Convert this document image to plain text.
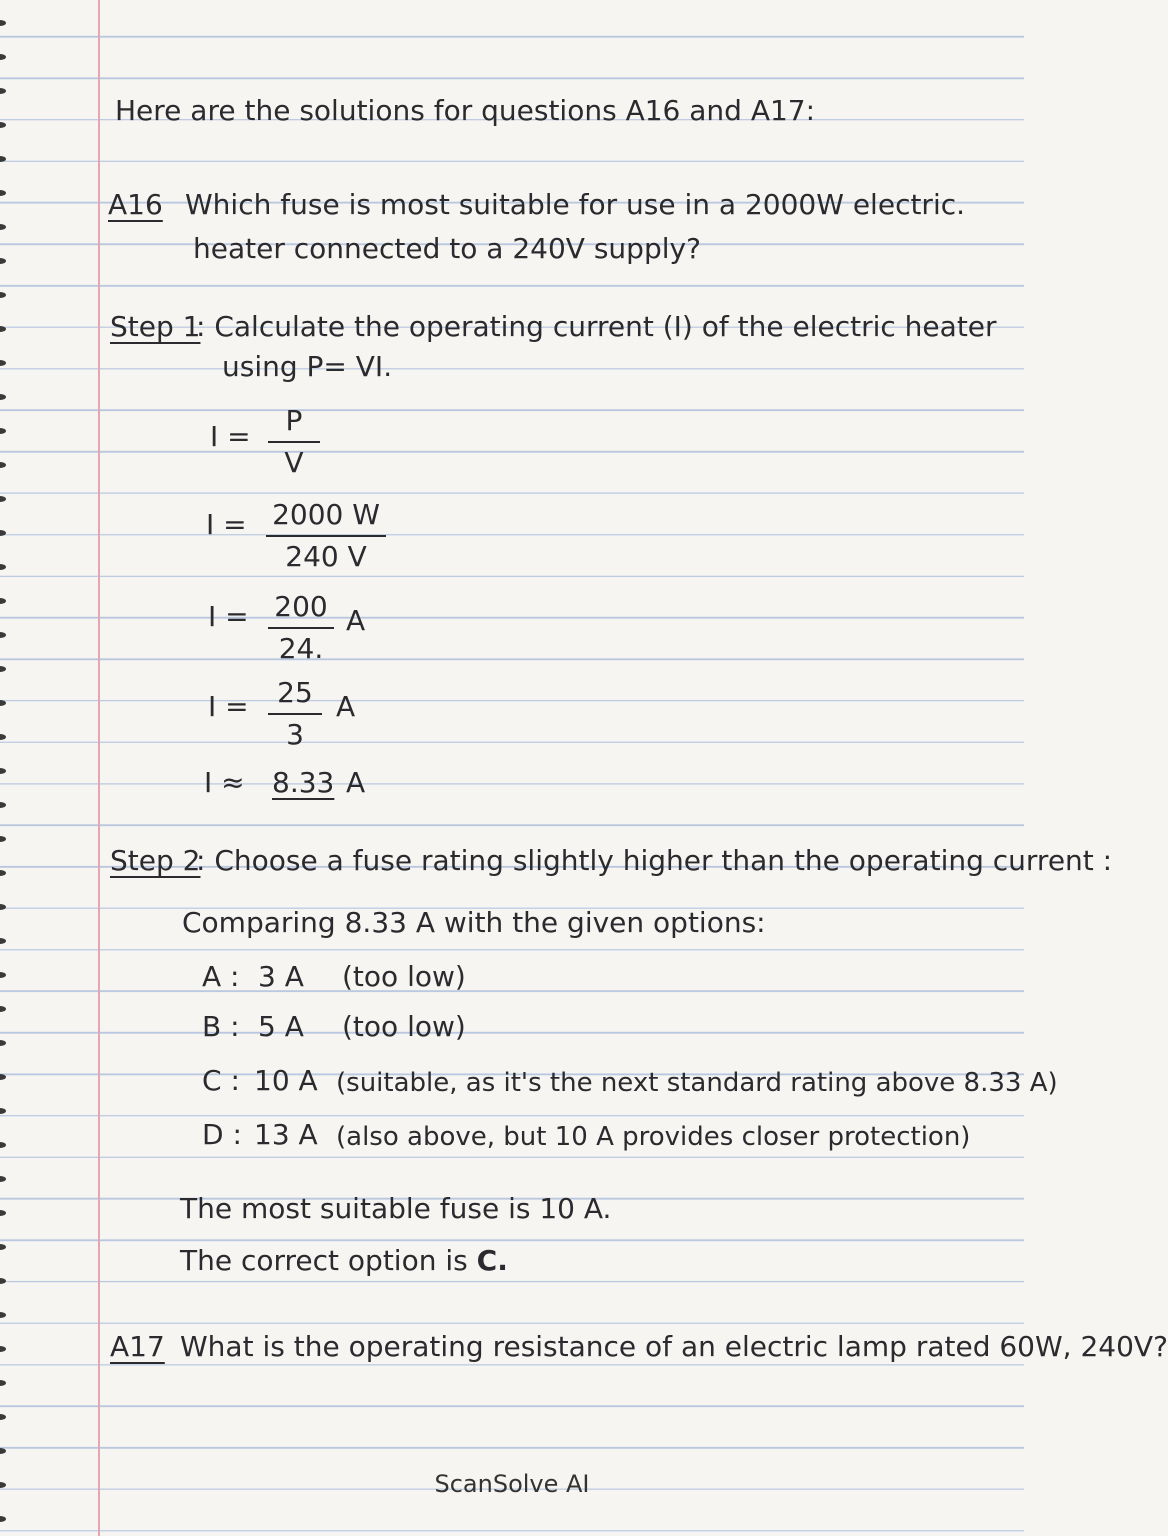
Here are the solutions for questions A16 and A17:
A16 Which fuse is most suitable for use in a 2000W electric.
heater connected to a 240V supply?
Step 1
: Calculate the operating current (I) of the electric heater
using P= VI.
I =	P
V
I = 2000 W
240 V
I = 200
24.
A
I =	25
3
A
I ≈ 8.33 A
Step 2
: Choose a fuse rating slightly higher than the operating current :
Comparing 8.33 A with the given options:
A : 3 A (too low)
B : 5 A (too low)
C : 10 A (suitable, as it's the next standard rating above 8.33 A)
D : 13 A (also above, but 10 A provides closer protection)
The most suitable fuse is 10 A.
The correct option is C.
A17 What is the operating resistance of an electric lamp rated 60W, 240V?
ScanSolve AI
